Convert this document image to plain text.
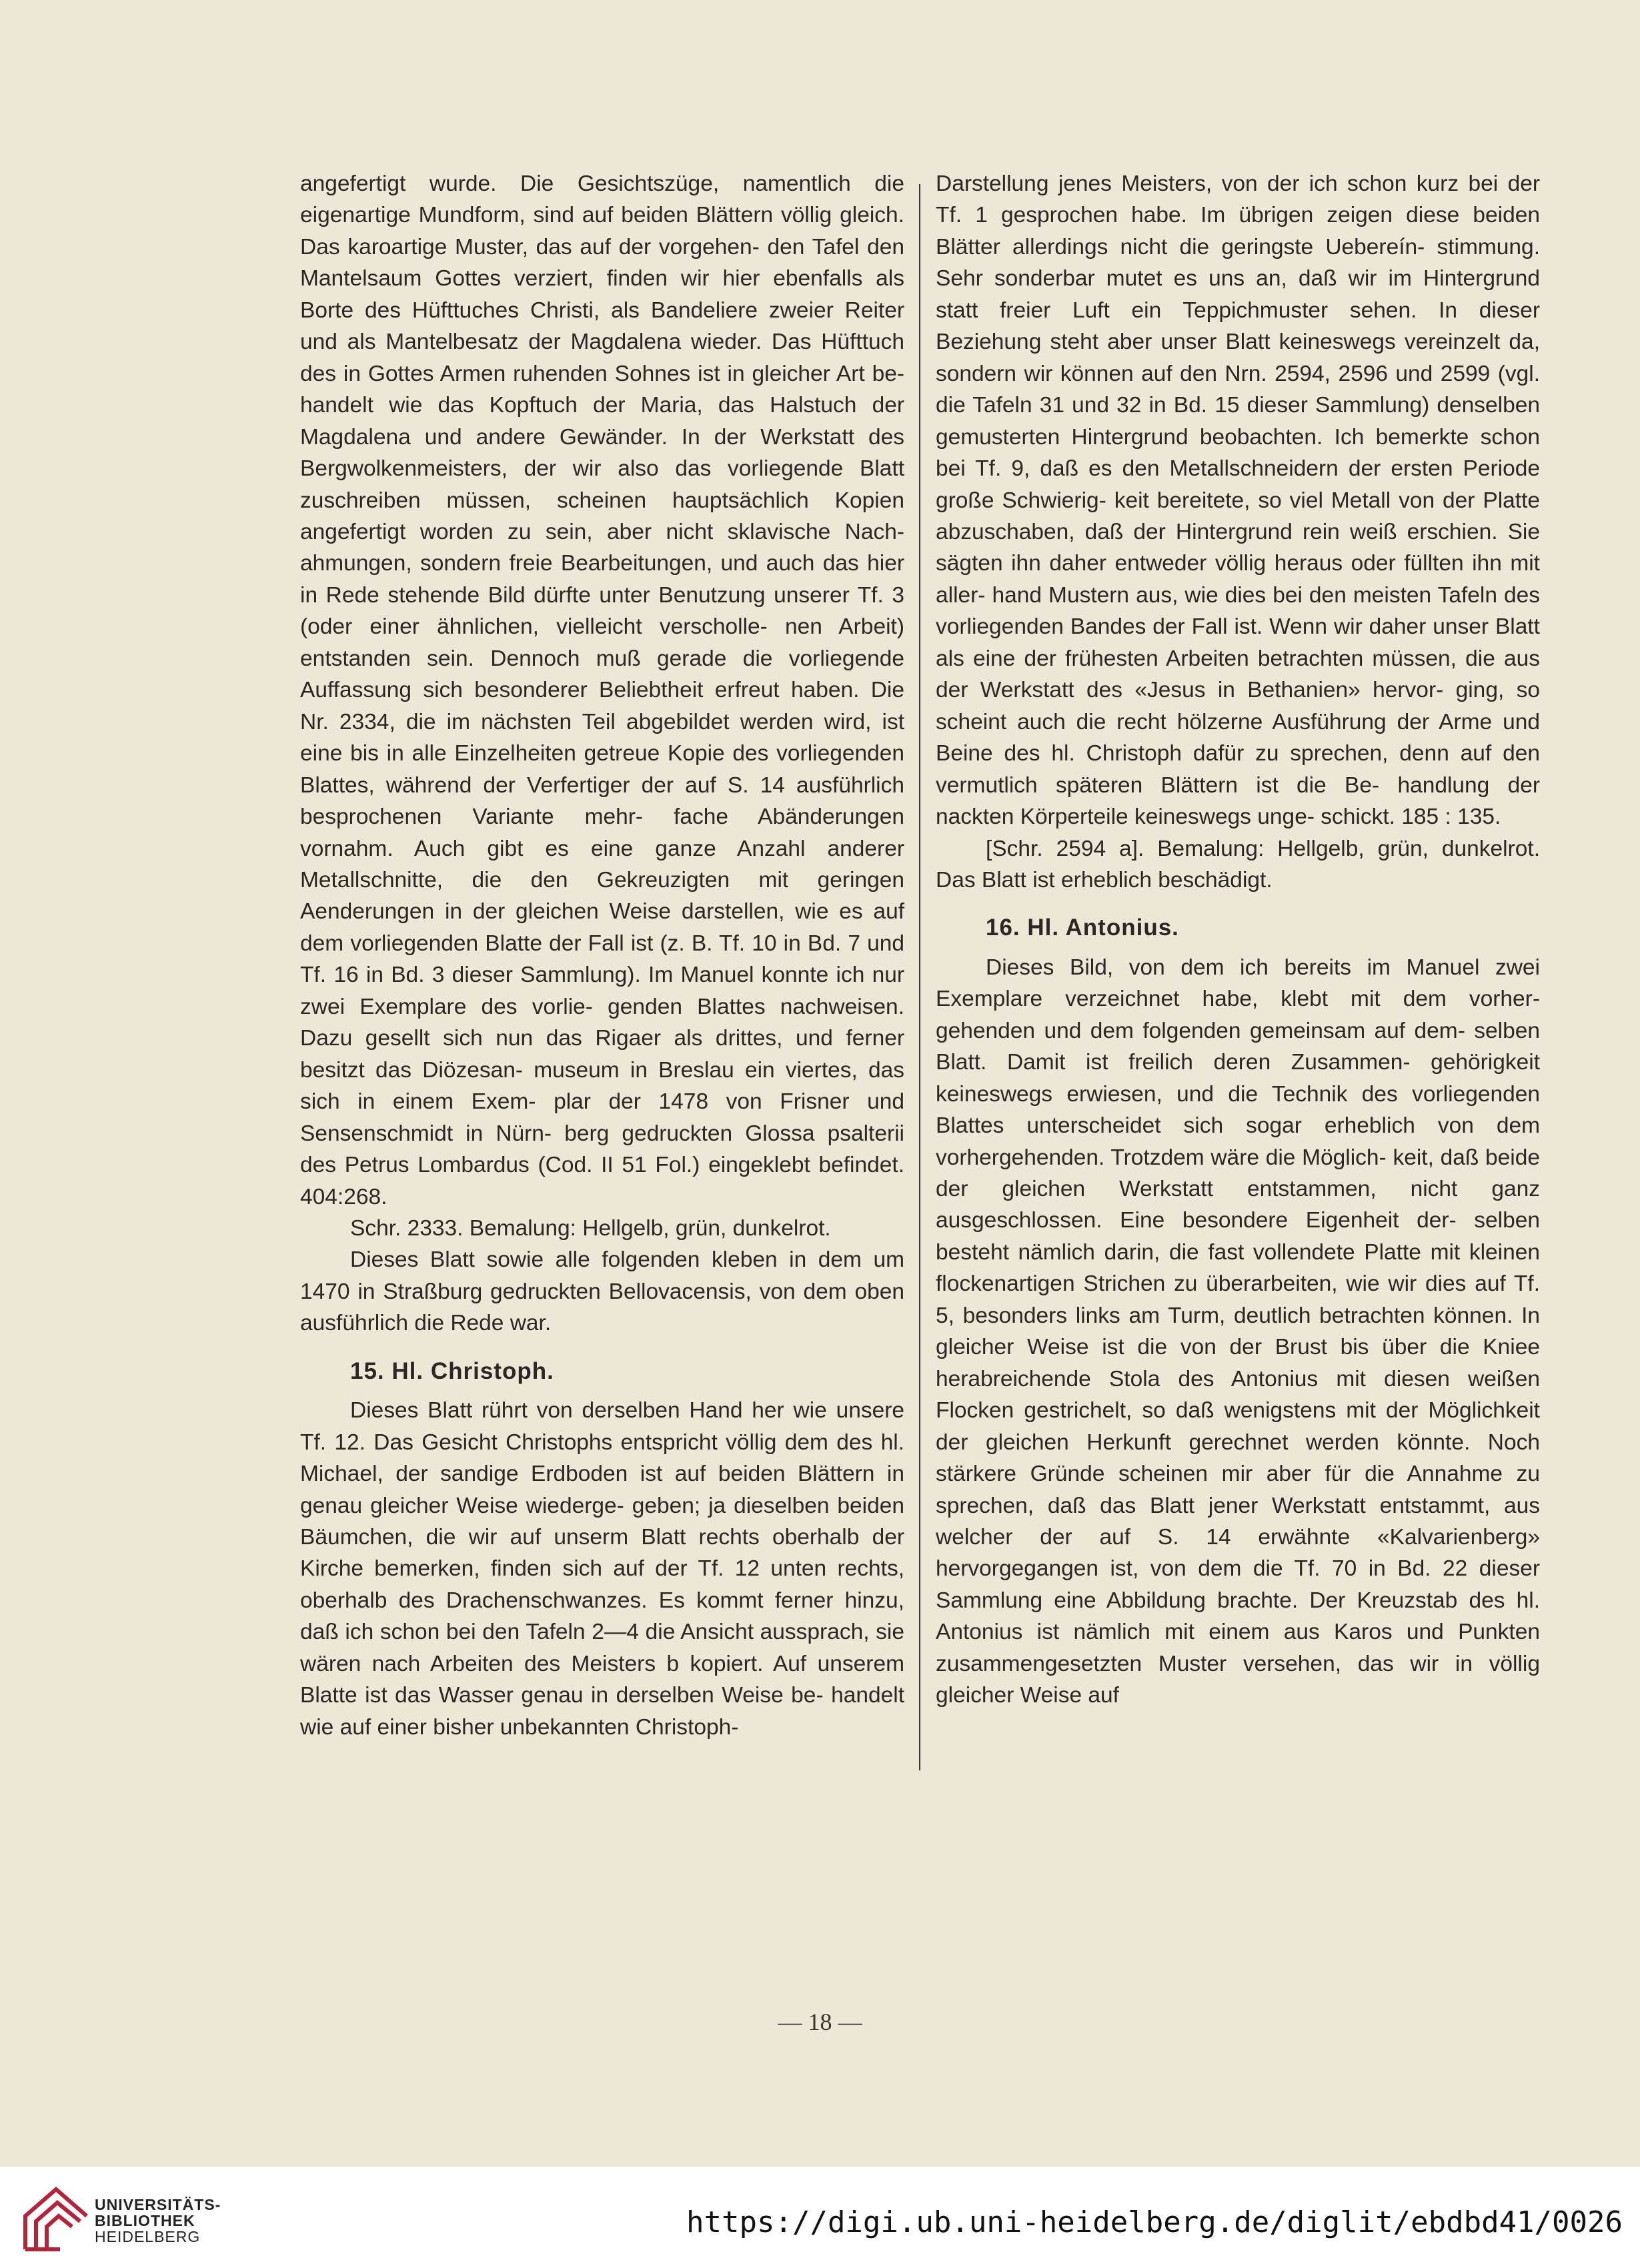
angefertigt wurde. Die Gesichtszüge, namentlich die eigenartige Mundform, sind auf beiden Blättern völlig gleich. Das karoartige Muster, das auf der vorgehen- den Tafel den Mantelsaum Gottes verziert, finden wir hier ebenfalls als Borte des Hüfttuches Christi, als Bandeliere zweier Reiter und als Mantelbesatz der Magdalena wieder. Das Hüfttuch des in Gottes Armen ruhenden Sohnes ist in gleicher Art be- handelt wie das Kopftuch der Maria, das Halstuch der Magdalena und andere Gewänder. In der Werkstatt des Bergwolkenmeisters, der wir also das vorliegende Blatt zuschreiben müssen, scheinen hauptsächlich Kopien angefertigt worden zu sein, aber nicht sklavische Nach- ahmungen, sondern freie Bearbeitungen, und auch das hier in Rede stehende Bild dürfte unter Benutzung unserer Tf. 3 (oder einer ähnlichen, vielleicht verscholle- nen Arbeit) entstanden sein. Dennoch muß gerade die vorliegende Auffassung sich besonderer Beliebtheit erfreut haben. Die Nr. 2334, die im nächsten Teil abgebildet werden wird, ist eine bis in alle Einzelheiten getreue Kopie des vorliegenden Blattes, während der Verfertiger der auf S. 14 ausführlich besprochenen Variante mehr- fache Abänderungen vornahm. Auch gibt es eine ganze Anzahl anderer Metallschnitte, die den Gekreuzigten mit geringen Aenderungen in der gleichen Weise darstellen, wie es auf dem vorliegenden Blatte der Fall ist (z. B. Tf. 10 in Bd. 7 und Tf. 16 in Bd. 3 dieser Sammlung). Im Manuel konnte ich nur zwei Exemplare des vorlie- genden Blattes nachweisen. Dazu gesellt sich nun das Rigaer als drittes, und ferner besitzt das Diözesan- museum in Breslau ein viertes, das sich in einem Exem- plar der 1478 von Frisner und Sensenschmidt in Nürn- berg gedruckten Glossa psalterii des Petrus Lombardus (Cod. II 51 Fol.) eingeklebt befindet. 404:268.

Schr. 2333. Bemalung: Hellgelb, grün, dunkelrot.

Dieses Blatt sowie alle folgenden kleben in dem um 1470 in Straßburg gedruckten Bellovacensis, von dem oben ausführlich die Rede war.

15. Hl. Christoph.

Dieses Blatt rührt von derselben Hand her wie unsere Tf. 12. Das Gesicht Christophs entspricht völlig dem des hl. Michael, der sandige Erdboden ist auf beiden Blättern in genau gleicher Weise wiederge- geben; ja dieselben beiden Bäumchen, die wir auf unserm Blatt rechts oberhalb der Kirche bemerken, finden sich auf der Tf. 12 unten rechts, oberhalb des Drachenschwanzes. Es kommt ferner hinzu, daß ich schon bei den Tafeln 2—4 die Ansicht aussprach, sie wären nach Arbeiten des Meisters b kopiert. Auf unserem Blatte ist das Wasser genau in derselben Weise be- handelt wie auf einer bisher unbekannten Christoph-

Darstellung jenes Meisters, von der ich schon kurz bei der Tf. 1 gesprochen habe. Im übrigen zeigen diese beiden Blätter allerdings nicht die geringste Uebereín- stimmung. Sehr sonderbar mutet es uns an, daß wir im Hintergrund statt freier Luft ein Teppichmuster sehen. In dieser Beziehung steht aber unser Blatt keineswegs vereinzelt da, sondern wir können auf den Nrn. 2594, 2596 und 2599 (vgl. die Tafeln 31 und 32 in Bd. 15 dieser Sammlung) denselben gemusterten Hintergrund beobachten. Ich bemerkte schon bei Tf. 9, daß es den Metallschneidern der ersten Periode große Schwierig- keit bereitete, so viel Metall von der Platte abzuschaben, daß der Hintergrund rein weiß erschien. Sie sägten ihn daher entweder völlig heraus oder füllten ihn mit aller- hand Mustern aus, wie dies bei den meisten Tafeln des vorliegenden Bandes der Fall ist. Wenn wir daher unser Blatt als eine der frühesten Arbeiten betrachten müssen, die aus der Werkstatt des «Jesus in Bethanien» hervor- ging, so scheint auch die recht hölzerne Ausführung der Arme und Beine des hl. Christoph dafür zu sprechen, denn auf den vermutlich späteren Blättern ist die Be- handlung der nackten Körperteile keineswegs unge- schickt. 185 : 135.

[Schr. 2594 a]. Bemalung: Hellgelb, grün, dunkelrot. Das Blatt ist erheblich beschädigt.

16. Hl. Antonius.

Dieses Bild, von dem ich bereits im Manuel zwei Exemplare verzeichnet habe, klebt mit dem vorher- gehenden und dem folgenden gemeinsam auf dem- selben Blatt. Damit ist freilich deren Zusammen- gehörigkeit keineswegs erwiesen, und die Technik des vorliegenden Blattes unterscheidet sich sogar erheblich von dem vorhergehenden. Trotzdem wäre die Möglich- keit, daß beide der gleichen Werkstatt entstammen, nicht ganz ausgeschlossen. Eine besondere Eigenheit der- selben besteht nämlich darin, die fast vollendete Platte mit kleinen flockenartigen Strichen zu überarbeiten, wie wir dies auf Tf. 5, besonders links am Turm, deutlich betrachten können. In gleicher Weise ist die von der Brust bis über die Kniee herabreichende Stola des Antonius mit diesen weißen Flocken gestrichelt, so daß wenigstens mit der Möglichkeit der gleichen Herkunft gerechnet werden könnte. Noch stärkere Gründe scheinen mir aber für die Annahme zu sprechen, daß das Blatt jener Werkstatt entstammt, aus welcher der auf S. 14 erwähnte «Kalvarienberg» hervorgegangen ist, von dem die Tf. 70 in Bd. 22 dieser Sammlung eine Abbildung brachte. Der Kreuzstab des hl. Antonius ist nämlich mit einem aus Karos und Punkten zusammengesetzten Muster versehen, das wir in völlig gleicher Weise auf

— 18 —
UNIVERSITÄTS-
BIBLIOTHEK
HEIDELBERG	https://digi.ub.uni-heidelberg.de/diglit/ebdbd41/0026
